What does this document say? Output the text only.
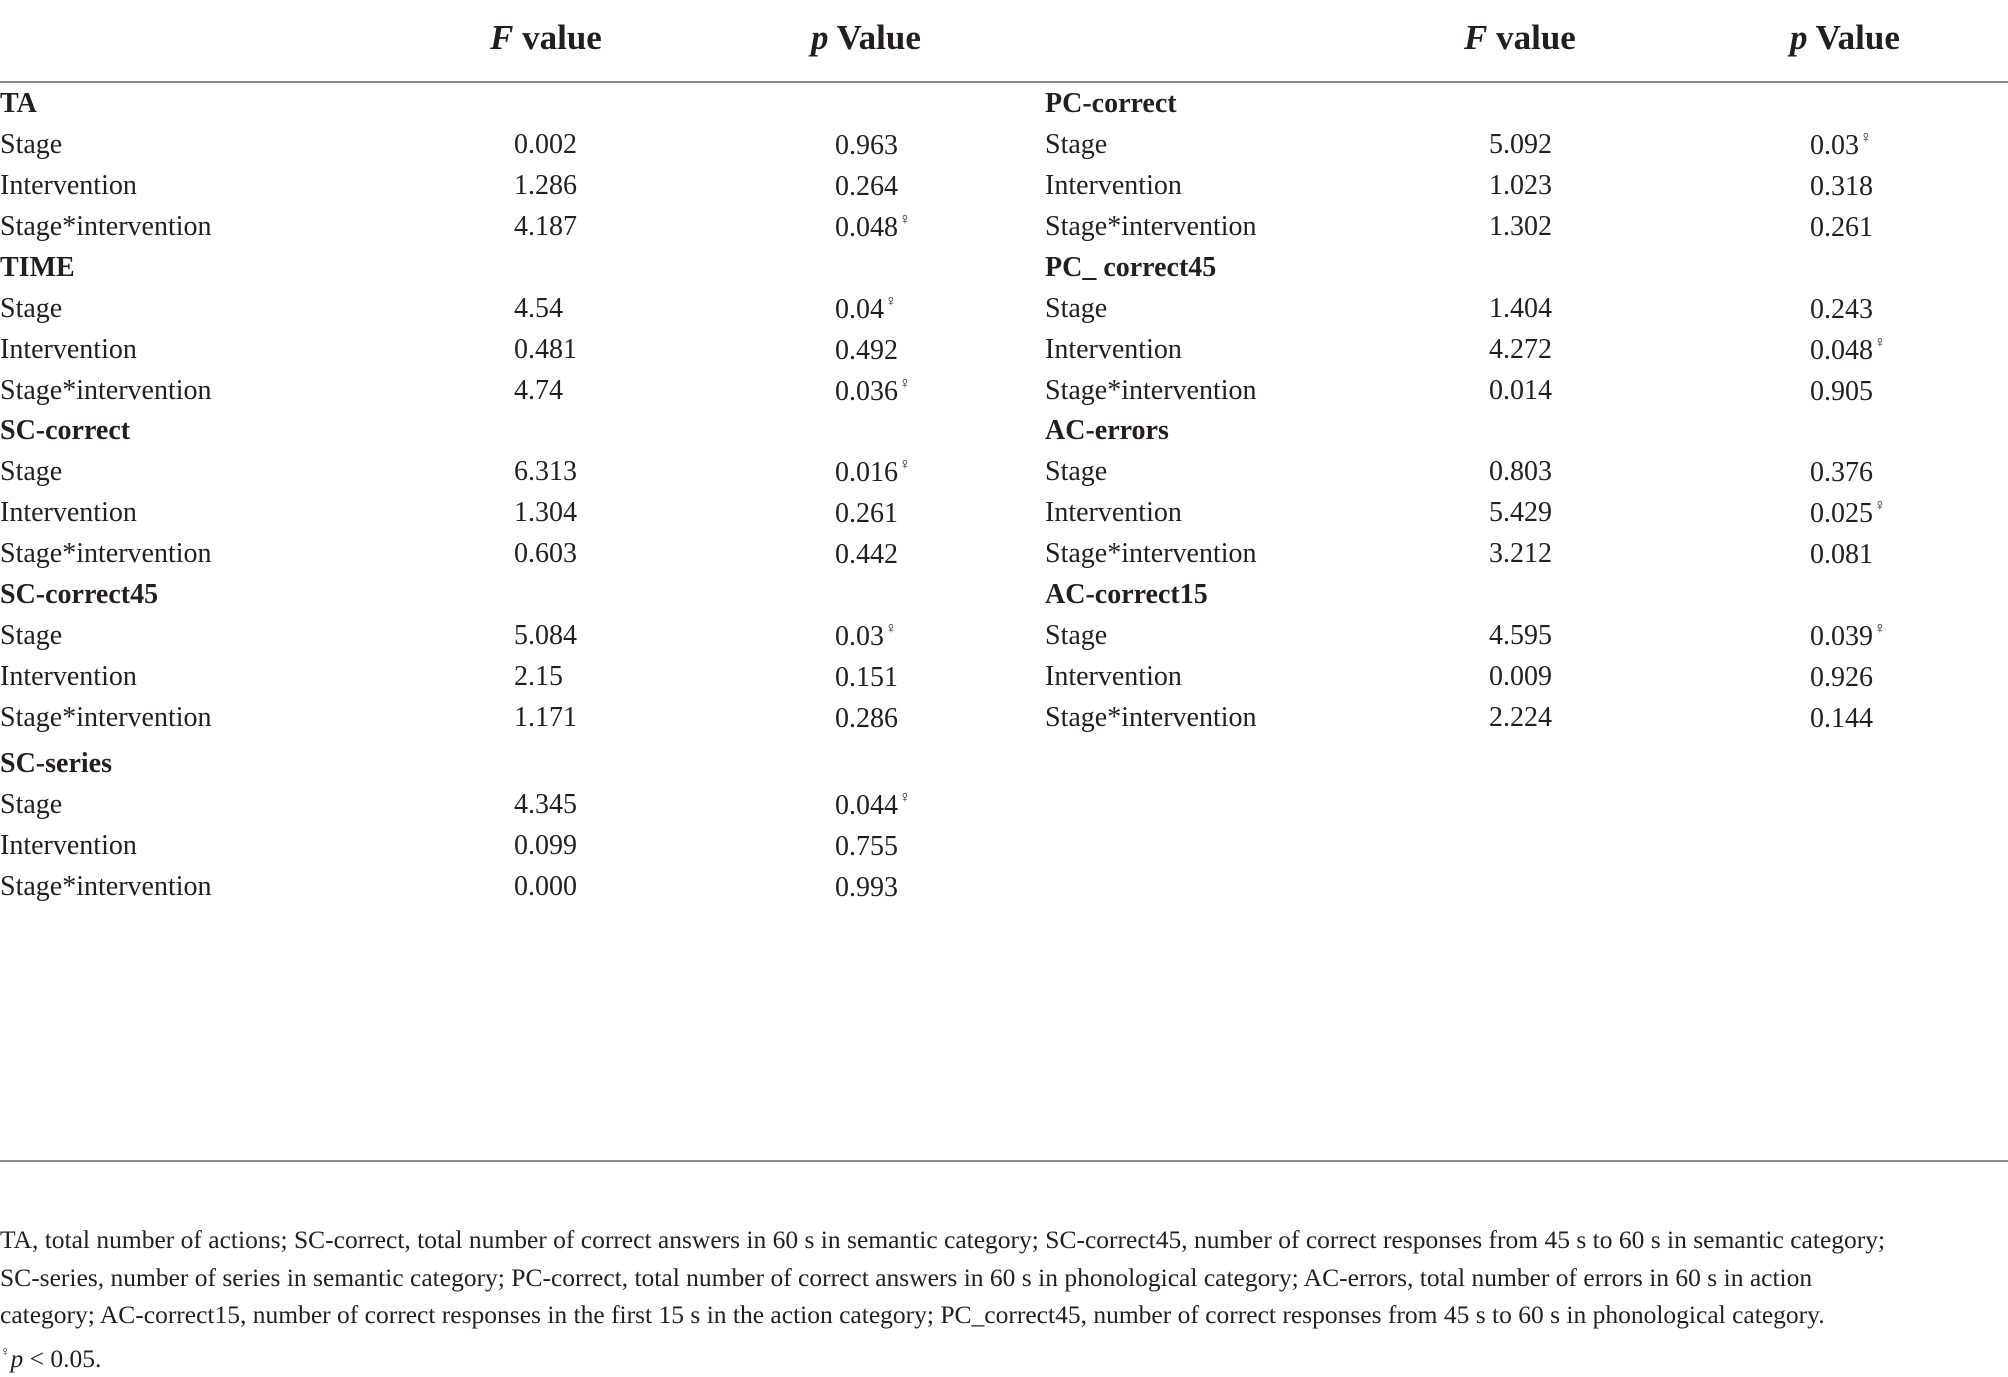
F value	p Value	F value	p Value
TA
Stage	0.002	0.963
Intervention	1.286	0.264
Stage*intervention	4.187	0.048♀
TIME
Stage	4.54	0.04♀
Intervention	0.481	0.492
Stage*intervention	4.74	0.036♀
SC-correct
Stage	6.313	0.016♀
Intervention	1.304	0.261
Stage*intervention	0.603	0.442
SC-correct45
Stage	5.084	0.03♀
Intervention	2.15	0.151
Stage*intervention	1.171	0.286
SC-series
Stage	4.345	0.044♀
Intervention	0.099	0.755
Stage*intervention	0.000	0.993
PC-correct
Stage	5.092	0.03♀
Intervention	1.023	0.318
Stage*intervention	1.302	0.261
PC_ correct45
Stage	1.404	0.243
Intervention	4.272	0.048♀
Stage*intervention	0.014	0.905
AC-errors
Stage	0.803	0.376
Intervention	5.429	0.025♀
Stage*intervention	3.212	0.081
AC-correct15
Stage	4.595	0.039♀
Intervention	0.009	0.926
Stage*intervention	2.224	0.144
TA, total number of actions; SC-correct, total number of correct answers in 60 s in semantic category; SC-correct45, number of correct responses from 45 s to 60 s in semantic category;
SC-series, number of series in semantic category; PC-correct, total number of correct answers in 60 s in phonological category; AC-errors, total number of errors in 60 s in action
category; AC-correct15, number of correct responses in the first 15 s in the action category; PC_correct45, number of correct responses from 45 s to 60 s in phonological category.
♀p < 0.05.
